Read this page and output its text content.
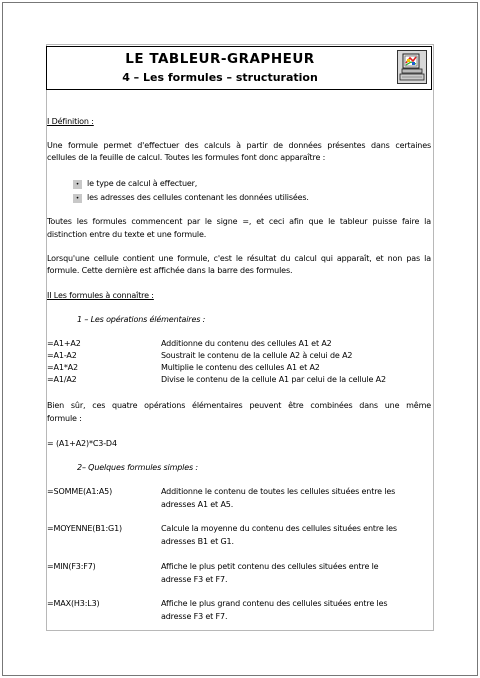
LE TABLEUR-GRAPHEUR
4 – Les formules – structuration
I Définition :
Une formule permet d'effectuer des calculs à partir de données présentes dans certaines
cellules de la feuille de calcul. Toutes les formules font donc apparaître :
• le type de calcul à effectuer,
• les adresses des cellules contenant les données utilisées.
Toutes les formules commencent par le signe =, et ceci afin que le tableur puisse faire la
distinction entre du texte et une formule.
Lorsqu'une cellule contient une formule, c'est le résultat du calcul qui apparaît, et non pas la
formule. Cette dernière est affichée dans la barre des formules.
II Les formules à connaître :
1 – Les opérations élémentaires :
=A1+A2	Additionne du contenu des cellules A1 et A2
=A1-A2	Soustrait le contenu de la cellule A2 à celui de A2
=A1*A2	Multiplie le contenu des cellules A1 et A2
=A1/A2	Divise le contenu de la cellule A1 par celui de la cellule A2
Bien sûr, ces quatre opérations élémentaires peuvent être combinées dans une même
formule :
= (A1+A2)*C3-D4
2– Quelques formules simples :
=SOMME(A1:A5)	Additionne le contenu de toutes les cellules situées entre les
adresses A1 et A5.
=MOYENNE(B1:G1)	Calcule la moyenne du contenu des cellules situées entre les
adresses B1 et G1.
=MIN(F3:F7)	Affiche le plus petit contenu des cellules situées entre le
adresse F3 et F7.
=MAX(H3:L3)	Affiche le plus grand contenu des cellules situées entre les
adresse F3 et F7.
